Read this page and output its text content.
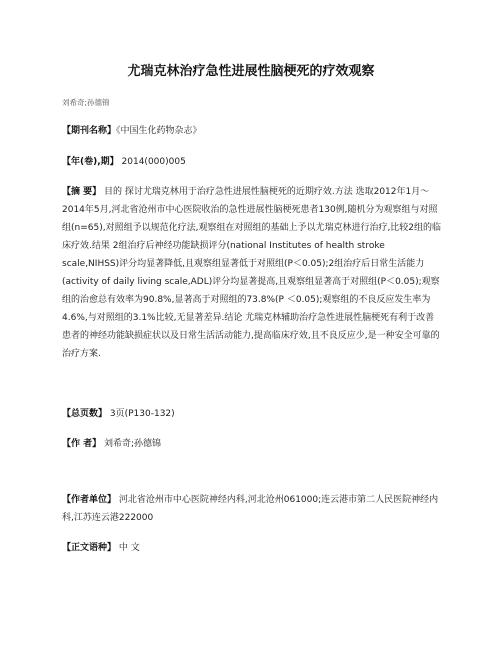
尤瑞克林治疗急性进展性脑梗死的疗效观察
刘希奇;孙德锦
【期刊名称】《中国生化药物杂志》
【年(卷),期】 2014(000)005
【摘 要】 目的 探讨尤瑞克林用于治疗急性进展性脑梗死的近期疗效.方法 选取2012年1月～ 2014年5月,河北省沧州市中心医院收治的急性进展性脑梗死患者130例,随机分为观察组与对照组(n=65),对照组予以规范化疗法,观察组在对照组的基础上予以尤瑞克林进行治疗,比较2组的临床疗效.结果 2组治疗后神经功能缺损评分(national Institutes of health stroke scale,NIHSS)评分均显著降低,且观察组显著低于对照组(P＜0.05);2组治疗后日常生活能力(activity of daily living scale,ADL)评分均显著提高,且观察组显著高于对照组(P＜0.05);观察组的治愈总有效率为90.8%,显著高于对照组的73.8%(P ＜0.05);观察组的不良反应发生率为4.6%,与对照组的3.1%比较,无显著差异.结论 尤瑞克林辅助治疗急性进展性脑梗死有利于改善患者的神经功能缺损症状以及日常生活活动能力,提高临床疗效,且不良反应少,是一种安全可靠的治疗方案.
【总页数】 3页(P130-132)
【作 者】 刘希奇;孙德锦
【作者单位】 河北省沧州市中心医院神经内科,河北沧州061000;连云港市第二人民医院神经内科,江苏连云港222000
【正文语种】 中 文
